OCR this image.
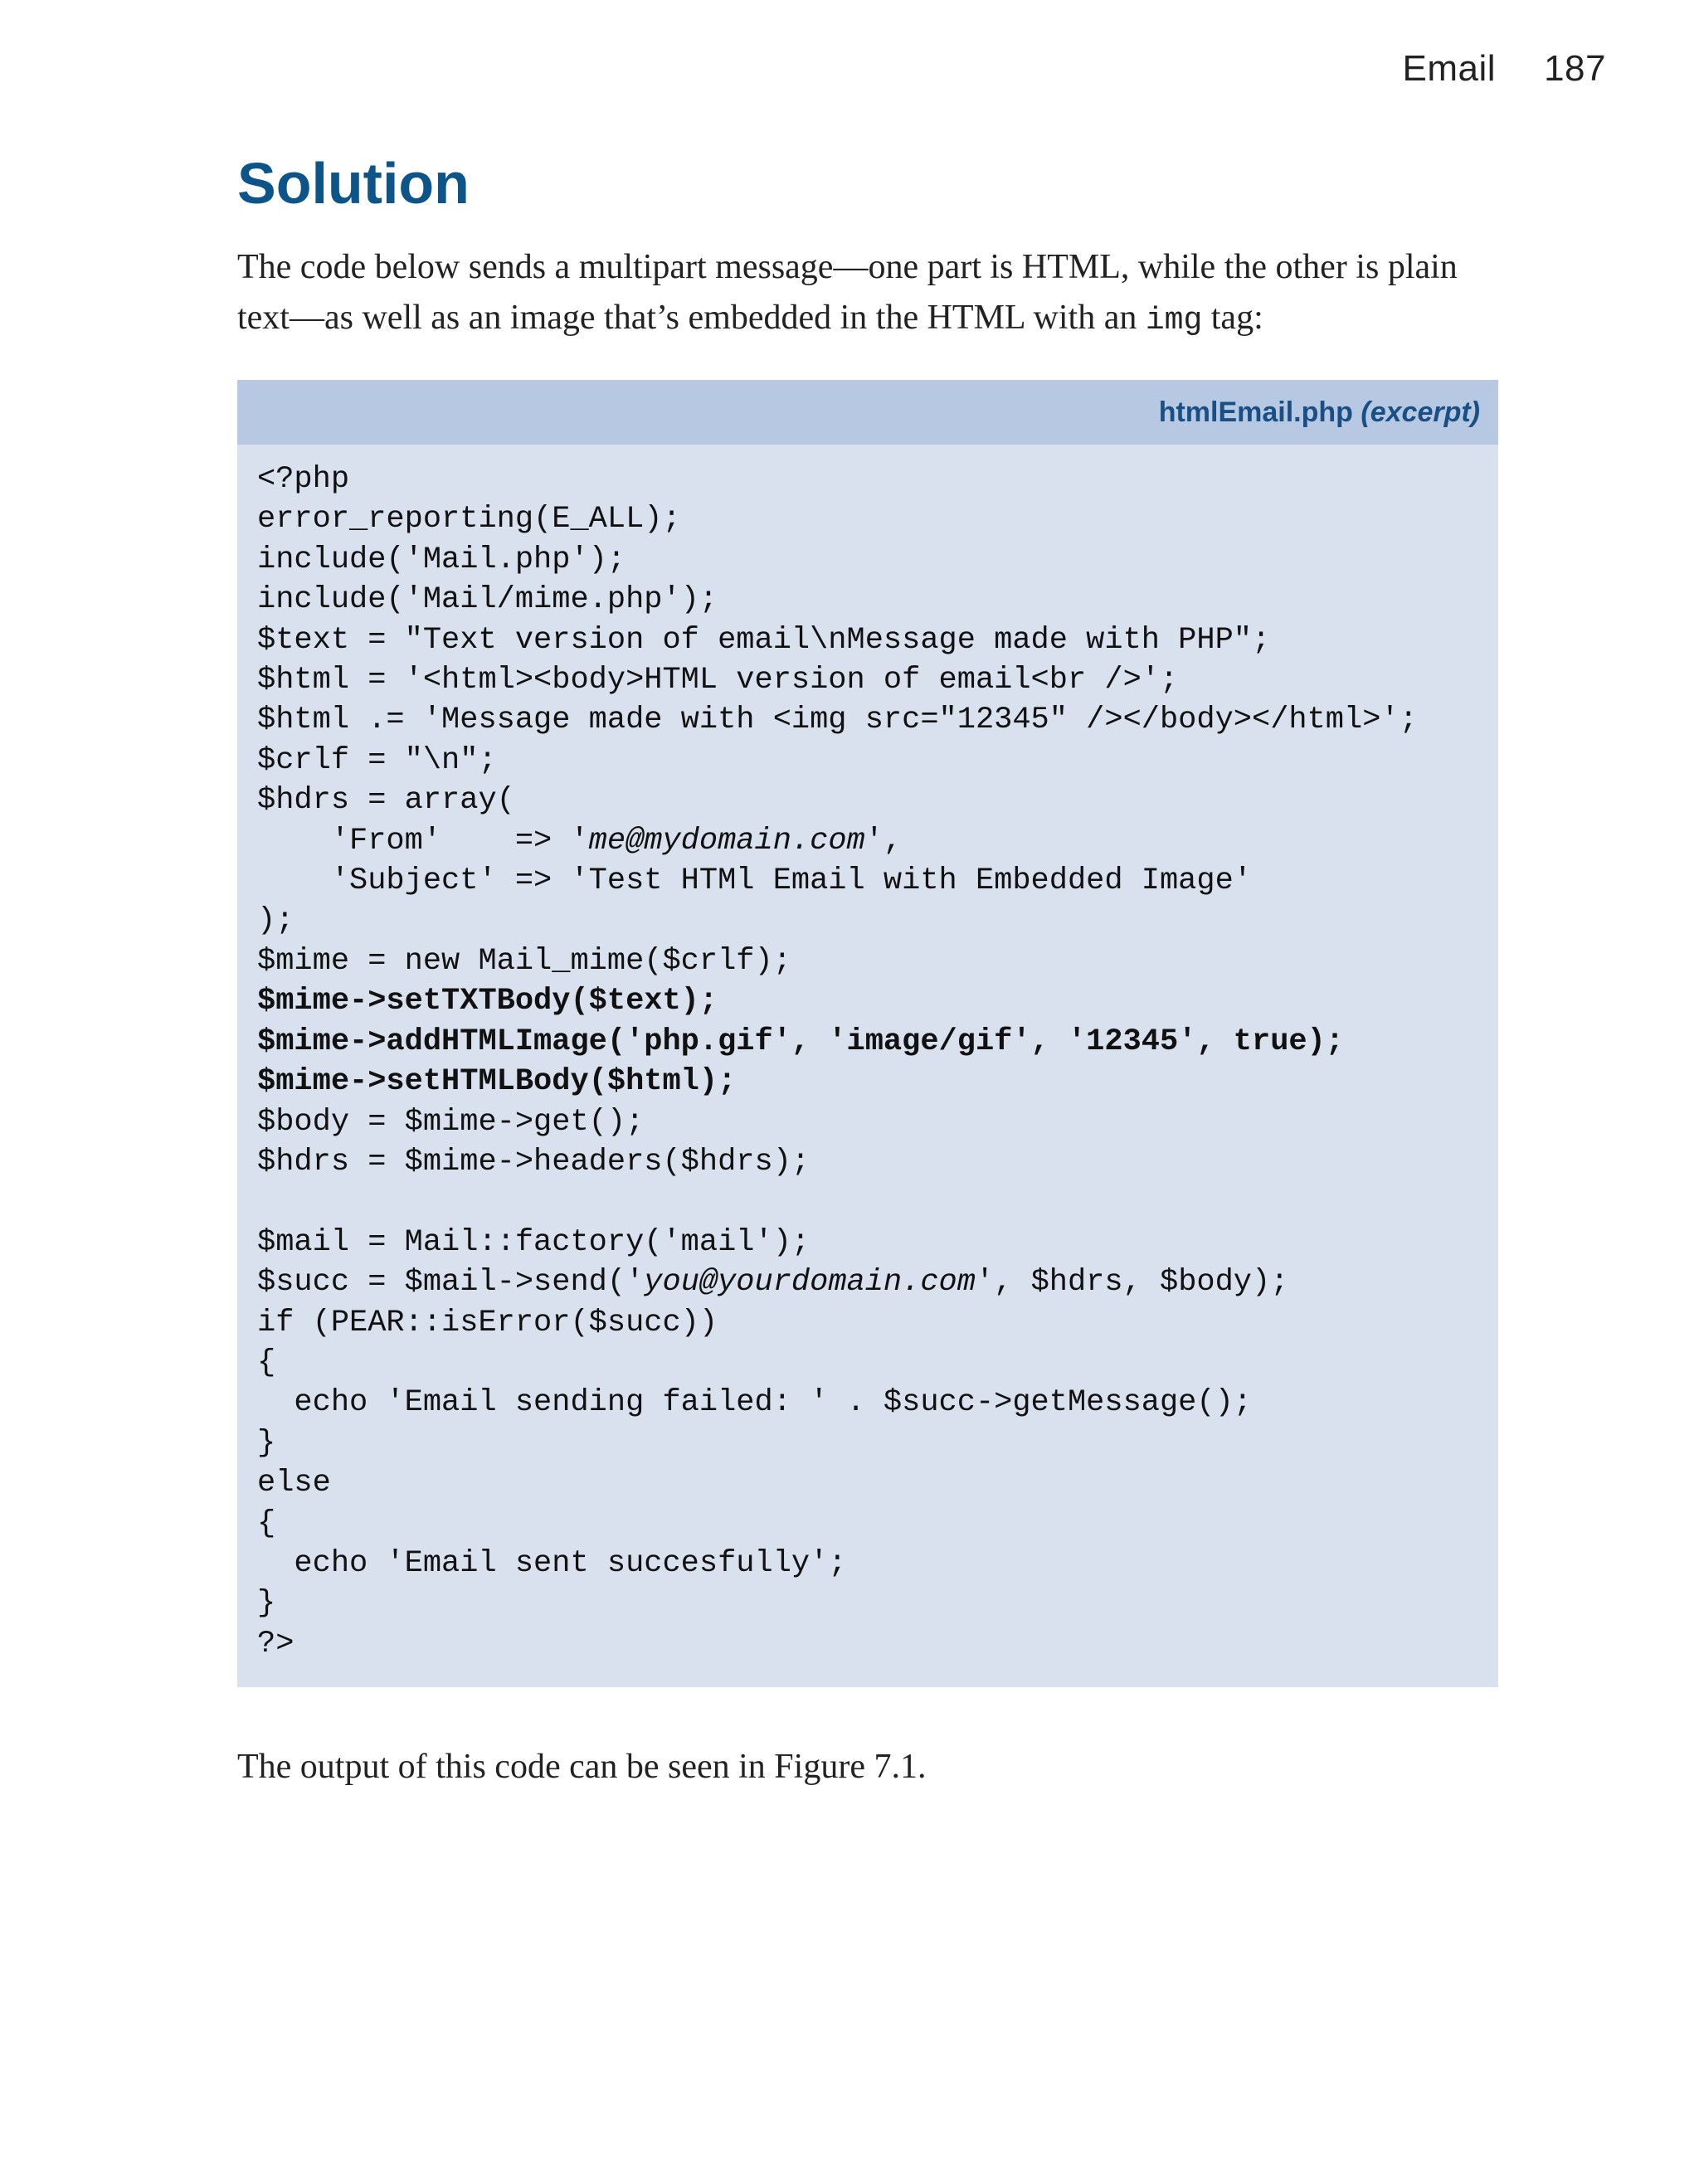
Email 187
Solution

The code below sends a multipart message—one part is HTML, while the other is plain text—as well as an image that’s embedded in the HTML with an img tag:

htmlEmail.php (excerpt)
<?php
error_reporting(E_ALL);
include('Mail.php');
include('Mail/mime.php');
$text = "Text version of email\nMessage made with PHP";
$html = '<html><body>HTML version of email<br />';
$html .= 'Message made with <img src="12345" /></body></html>';
$crlf = "\n";
$hdrs = array(
'From'    => 'me@mydomain.com',
'Subject' => 'Test HTMl Email with Embedded Image'
);
$mime = new Mail_mime($crlf);
$mime->setTXTBody($text);
$mime->addHTMLImage('php.gif', 'image/gif', '12345', true);
$mime->setHTMLBody($html);
$body = $mime->get();
$hdrs = $mime->headers($hdrs);
$mail = Mail::factory('mail');
$succ = $mail->send('you@yourdomain.com', $hdrs, $body);
if (PEAR::isError($succ))
{
echo 'Email sending failed: ' . $succ->getMessage();
}
else
{
echo 'Email sent succesfully';
}
?>

The output of this code can be seen in Figure 7.1.
